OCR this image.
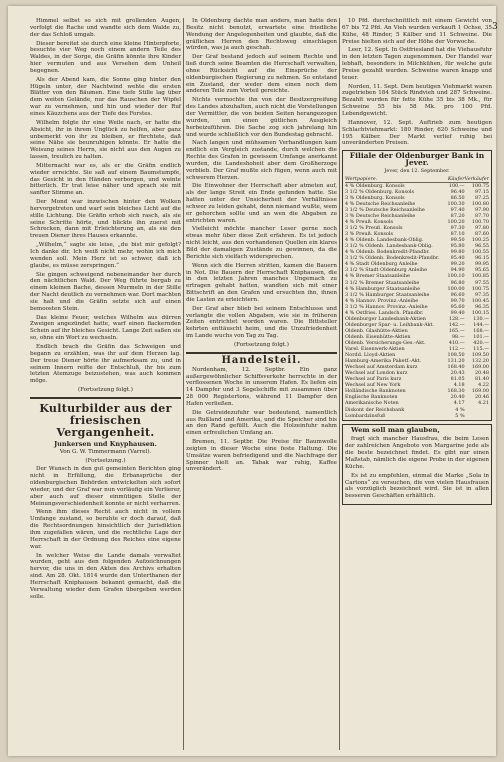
3

Himmel selbst so sich mit grollenden Augen, verfolgt die Rache und wandte sich dem Walde zu, der das Schloß umgab.

Dieser bereitet sie durch eine kleine Hinterpforte, besuchte vier Weg noch einem andern Teile des Waldes, in der Sorge, die Gräfin könnte ihre Kinder hier vermuten und aus Versehen dem Unheil begegnen.

Als der Abend kam, die Sonne ging hinter den Hügeln unter, der Nachtwind wehte die ersten Blätter von den Bäumen. Eine tiefe Stille lag über dem weiten Gelände, nur das Rauschen der Wipfel war zu vernehmen, und hin und wieder der Ruf eines Käuzchens aus der Tiefe des Forstes.

Wilhelm folgte ihr eine Weile nach, er hatte die Absicht, ihr in ihrem Unglück zu helfen, aber ganz unbemerkt von ihr zu bleiben, er fürchtete, daß seine Nähe sie beunruhigen könnte. Er hatte die Weisung seines Herrn, sie nicht aus den Augen zu lassen, treulich zu halten.

Mitternacht war es, als er die Gräfin endlich wieder erreichte. Sie saß auf einem Baumstumpfe, das Gesicht in den Händen verborgen, und weinte bitterlich. Er trat leise näher und sprach sie mit sanfter Stimme an.

Der Mond war inzwischen hinter den Wolken hervorgetreten und warf sein bleiches Licht auf die stille Lichtung. Die Gräfin erhob sich rasch, als sie seine Schritte hörte, und blickte ihn zuerst mit Schrecken, dann mit Erleichterung an, als sie den treuen Diener ihres Hauses erkannte.

„Wilhelm,“ sagte sie leise, „du bist mir gefolgt? Ich danke dir. Ich weiß nicht mehr, wohin ich mich wenden soll. Mein Herz ist so schwer, daß ich glaube, es müsse zerspringen.“

Sie gingen schweigend nebeneinander her durch den nächtlichen Wald. Der Weg führte bergab zu einem kleinen Bache, dessen Murmeln in der Stille der Nacht deutlich zu vernehmen war. Dort machten sie halt und die Gräfin setzte sich auf einen bemoosten Stein.

Das kleine Feuer, welches Wilhelm aus dürren Zweigen angezündet hatte, warf einen flackernden Schein auf ihr bleiches Gesicht. Lange Zeit saßen sie so, ohne ein Wort zu wechseln.

Endlich brach die Gräfin das Schweigen und begann zu erzählen, was ihr auf dem Herzen lag. Der treue Diener hörte ihr aufmerksam zu, und in seinem Innern reifte der Entschluß, ihr bis zum letzten Atemzuge beizustehen, was auch kommen möge.

(Fortsetzung folgt.)
Kulturbilder aus der friesischen Vergangenheit.
Junkersen und Knyphausen.
Von G. W. Timmermann (Varrel).
(Fortsetzung.)

Der Wunsch in den gut gemeinten Berichten ging nicht in Erfüllung, die Erbansprüche der oldenburgischen Behörden entwickelten sich sofort wieder, und der Graf war nun vorläufig ein Verlierer, aber auch auf dieser einmütigen Stelle der Meinungsverschiedenheit konnte er nicht verharren.

Wenn ihm dieses Recht auch nicht in vollem Umfange zustand, so beruhte er doch darauf, daß die Rechtsordnungen hinsichtlich der Jurisdiktion ihm zugefallen wären, und die rechtliche Lage der Herrschaft in der Ordnung des Reiches eine eigene war.

In welcher Weise die Lande damals verwaltet wurden, geht aus den folgenden Aufzeichnungen hervor, die uns in den Akten des Archivs erhalten sind. Am 28. Okt. 1814 wurde den Unterthanen der Herrschaft Kniphausen bekannt gemacht, daß die Verwaltung wieder dem Grafen übergeben werden solle.

In Oldenburg dachte man anders, man hatte den Besitz nicht benutzt, erwartete eine friedliche Wendung der Angelegenheiten und glaubte, daß die gräflichen Herren den Rechtsweg einschlagen würden, was ja auch geschah.

Der Graf bestand jedoch auf seinem Rechte und ließ durch seine Beamten die Herrschaft verwalten, ohne Rücksicht auf die Einsprüche der oldenburgischen Regierung zu nehmen. So entstand ein Zustand, der weder dem einen noch dem anderen Teile zum Vorteil gereichte.

Nichts vermochte ihn von der Besitzergreifung des Landes abzuhalten, auch nicht die Vorstellungen der Vermittler, die von beiden Seiten herangezogen wurden, um einen gütlichen Ausgleich herbeizuführen. Die Sache zog sich jahrelang hin und wurde schließlich vor den Bundestag gebracht.

Nach langen und mühsamen Verhandlungen kam endlich ein Vergleich zustande, durch welchen die Rechte des Grafen in gewissem Umfange anerkannt wurden, die Landeshoheit aber dem Großherzoge verblieb. Der Graf mußte sich fügen, wenn auch mit schwerem Herzen.

Die Einwohner der Herrschaft aber atmeten auf, als der lange Streit ein Ende gefunden hatte. Sie hatten unter der Unsicherheit der Verhältnisse schwer zu leiden gehabt, denn niemand wußte, wem er gehorchen sollte und an wen die Abgaben zu entrichten waren.

Vielleicht möchte mancher Leser gerne noch etwas mehr über diese Zeit erfahren. Es ist jedoch nicht leicht, aus den vorhandenen Quellen ein klares Bild der damaligen Zustände zu gewinnen, da die Berichte sich vielfach widersprechen.

Wenn sich die Herren stritten, kamen die Bauern in Not. Die Bauern der Herrschaft Kniphausen, die in den letzten Jahren manches Ungemach zu ertragen gehabt hatten, wandten sich mit einer Bittschrift an den Grafen und ersuchten ihn, ihnen die Lasten zu erleichtern.

Der Graf aber blieb bei seinem Entschlusse und verlangte die vollen Abgaben, wie sie in früheren Zeiten entrichtet worden waren. Die Bittsteller kehrten enttäuscht heim, und die Unzufriedenheit im Lande wuchs von Tag zu Tag.

(Fortsetzung folgt.)
Handelsteil.

Nordenham, 12. Septbr. Ein ganz außergewöhnlicher Schiffsverkehr herrschte in der verflossenen Woche in unserem Hafen. Es liefen ein 14 Dampfer und 3 Segelschiffe mit zusammen über 28 000 Registertons, während 11 Dampfer den Hafen verließen.

Die Getreidezufuhr war bedeutend, namentlich aus Rußland und Amerika, und die Speicher sind bis an den Rand gefüllt. Auch die Holzeinfuhr nahm einen erfreulichen Umfang an.

Bremen, 11. Septbr. Die Preise für Baumwolle zeigten in dieser Woche eine feste Haltung. Die Umsätze waren befriedigend und die Nachfrage der Spinner hielt an. Tabak war ruhig, Kaffee unverändert.

10 Pfd. durchschnittlich mit einem Gewicht von 67 bis 72 Pfd. An Vieh wurden verkauft 1 Ochse, 35 Kühe, 48 Rinder, 5 Kälber und 11 Schweine. Die Preise hielten sich auf der Höhe der Vorwoche.

Leer, 12. Sept. In Ostfriesland hat die Viehausfuhr in den letzten Tagen zugenommen. Der Handel war lebhaft, besonders in Milchkühen, für welche gute Preise gezahlt wurden. Schweine waren knapp und teuer.

Norden, 11. Sept. Dem heutigen Viehmarkt waren zugetrieben 184 Stück Rindvieh und 287 Schweine. Bezahlt wurden für fette Kühe 35 bis 38 Mk., für Schweine 55 bis 58 Mk. pro 100 Pfd. Lebendgewicht.

Hannover, 12. Sept. Auftrieb zum heutigen Schlachtviehmarkt: 180 Rinder, 620 Schweine und 195 Kälber. Der Markt verlief ruhig bei unveränderten Preisen.

Filiale der Oldenburger Bank in Jever.
Jever, den 12. September.
Wertpapiere.	Käufer	Verkäufer
4 % Oldenburg. Konsols	100.—	100.75
3 1/2 % Oldenburg. Konsols	96.40	97.15
3 % Oldenburg. Konsols	86.50	87.25
4 % Deutsche Reichsanleihe	100.30	100.80
3 1/2 % Deutsche Reichsanleihe	97.40	97.90
3 % Deutsche Reichsanleihe	87.20	87.70
4 % Preuß. Konsols	100.20	100.70
3 1/2 % Preuß. Konsols	97.30	97.80
3 % Preuß. Konsols	87.10	87.60
4 % Oldenb. Landesbank-Oblig.	99.50	100.25
3 1/2 % Oldenb. Landesbank-Oblig.	95.80	96.55
4 % Oldenb. Bodenkredit-Pfandbr.	99.80	100.55
3 1/2 % Oldenb. Bodenkredit-Pfandbr.	95.40	96.15
4 % Stadt Oldenburg Anleihe	99.20	99.95
3 1/2 % Stadt Oldenburg Anleihe	94.90	95.65
4 % Bremer Staatsanleihe	100.10	100.85
3 1/2 % Bremer Staatsanleihe	96.80	97.55
4 % Hamburger Staatsanleihe	100.00	100.75
3 1/2 % Hamburger Staatsanleihe	96.60	97.35
4 % Hannov. Provinz.-Anleihe	99.70	100.45
3 1/2 % Hannov. Provinz.-Anleihe	95.60	96.35
4 % Ostfries. Landsch. Pfandbr.	99.40	100.15
Oldenburger Landesbank-Aktien	128.—	130.—
Oldenburger Spar- u. Leihbank-Akt.	142.—	144.—
Oldenb. Glashütte-Aktien	165.—	168.—
Oldenb. Eisenhütte-Aktien	98.—	101.—
Oldenb. Versicherungs-Ges.-Akt.	410.—	420.—
Varel. Eisenwerk-Aktien	112.—	115.—
Nordd. Lloyd-Aktien	108.50	109.50
Hamburg-Amerika Paketf.-Akt.	131.20	132.20
Wechsel auf Amsterdam kurz	168.40	169.00
Wechsel auf London kurz	20.43	20.48
Wechsel auf Paris kurz	81.05	81.40
Wechsel auf New York	4.18	4.22
Holländische Banknoten	168.30	169.00
Englische Banknoten	20.40	20.46
Amerikanische Noten	4.17	4.21
Diskont der Reichsbank	4 %	
Lombardzinsfuß	5 %	

Wem soll man glauben,

fragt sich mancher Hausfrau, die beim Lesen der zahlreichen Angebote von Margarine jede als die beste bezeichnet findet. Es gibt nur einen Maßstab, nämlich die eigene Probe in der eigenen Küche.

Es ist zu empfehlen, einmal die Marke „Sola in Cartons“ zu versuchen, die von vielen Hausfrauen als vorzüglich bezeichnet wird. Sie ist in allen besseren Geschäften erhältlich.
